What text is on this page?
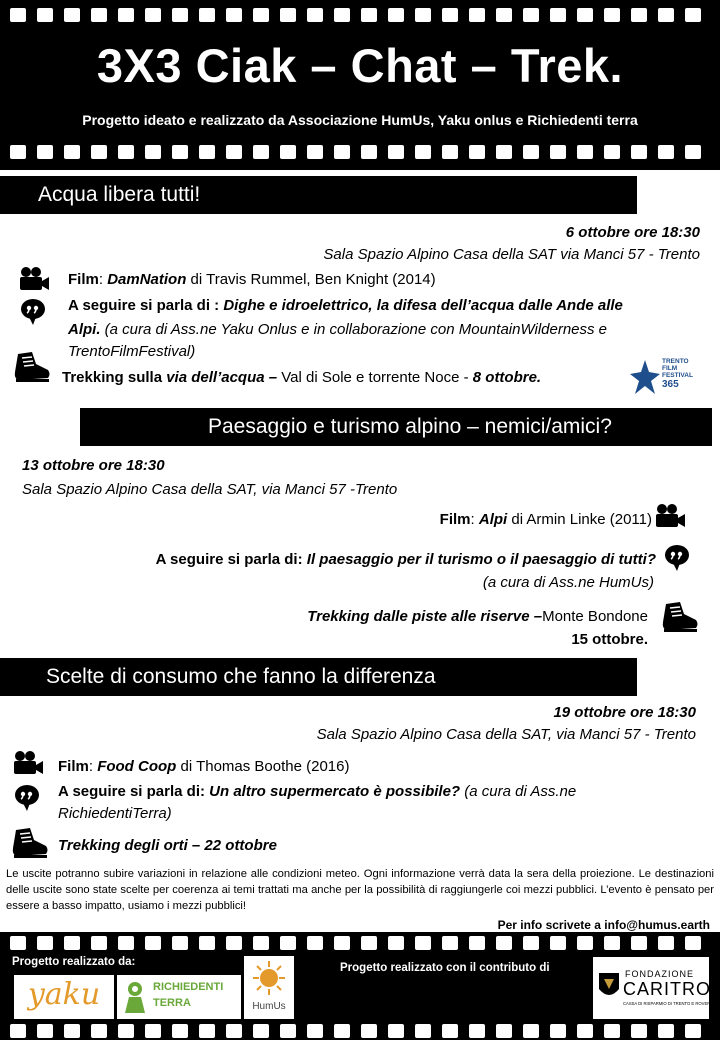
3X3 Ciak – Chat – Trek.
Progetto ideato e realizzato da Associazione HumUs, Yaku onlus e Richiedenti terra
Acqua libera tutti!
6 ottobre ore 18:30
Sala Spazio Alpino Casa della SAT via Manci 57 - Trento
Film: DamNation di Travis Rummel, Ben Knight (2014)
A seguire si parla di : Dighe e idroelettrico, la difesa dell’acqua dalle Ande alle
Alpi. (a cura di Ass.ne Yaku Onlus e in collaborazione con MountainWilderness e
TrentoFilmFestival)
Trekking sulla via dell’acqua – Val di Sole e torrente Noce - 8 ottobre.
TRENTO
FILM
FESTIVAL
365
Paesaggio e turismo alpino – nemici/amici?
13 ottobre ore 18:30
Sala Spazio Alpino Casa della SAT, via Manci 57 -Trento
Film: Alpi di Armin Linke (2011)
A seguire si parla di: Il paesaggio per il turismo o il paesaggio di tutti?
(a cura di Ass.ne HumUs)
Trekking dalle piste alle riserve –Monte Bondone
15 ottobre.
Scelte di consumo che fanno la differenza
19 ottobre ore 18:30
Sala Spazio Alpino Casa della SAT, via Manci 57 - Trento
Film: Food Coop di Thomas Boothe (2016)
A seguire si parla di: Un altro supermercato è possibile? (a cura di Ass.ne
RichiedentiTerra)
Trekking degli orti – 22 ottobre
Le uscite potranno subire variazioni in relazione alle condizioni meteo. Ogni informazione verrà data la sera della proiezione. Le destinazioni delle uscite sono state scelte per coerenza ai temi trattati ma anche per la possibilità di raggiungerle coi mezzi pubblici. L’evento è pensato per essere a basso impatto, usiamo i mezzi pubblici!
Per info scrivete a info@humus.earth
Progetto realizzato da:	Progetto realizzato con il contributo di
yaku	RICHIEDENTI
TERRA	HumUs
FONDAZIONE
CARITRO
CASSA DI RISPARMIO DI TRENTO E ROVERETO
